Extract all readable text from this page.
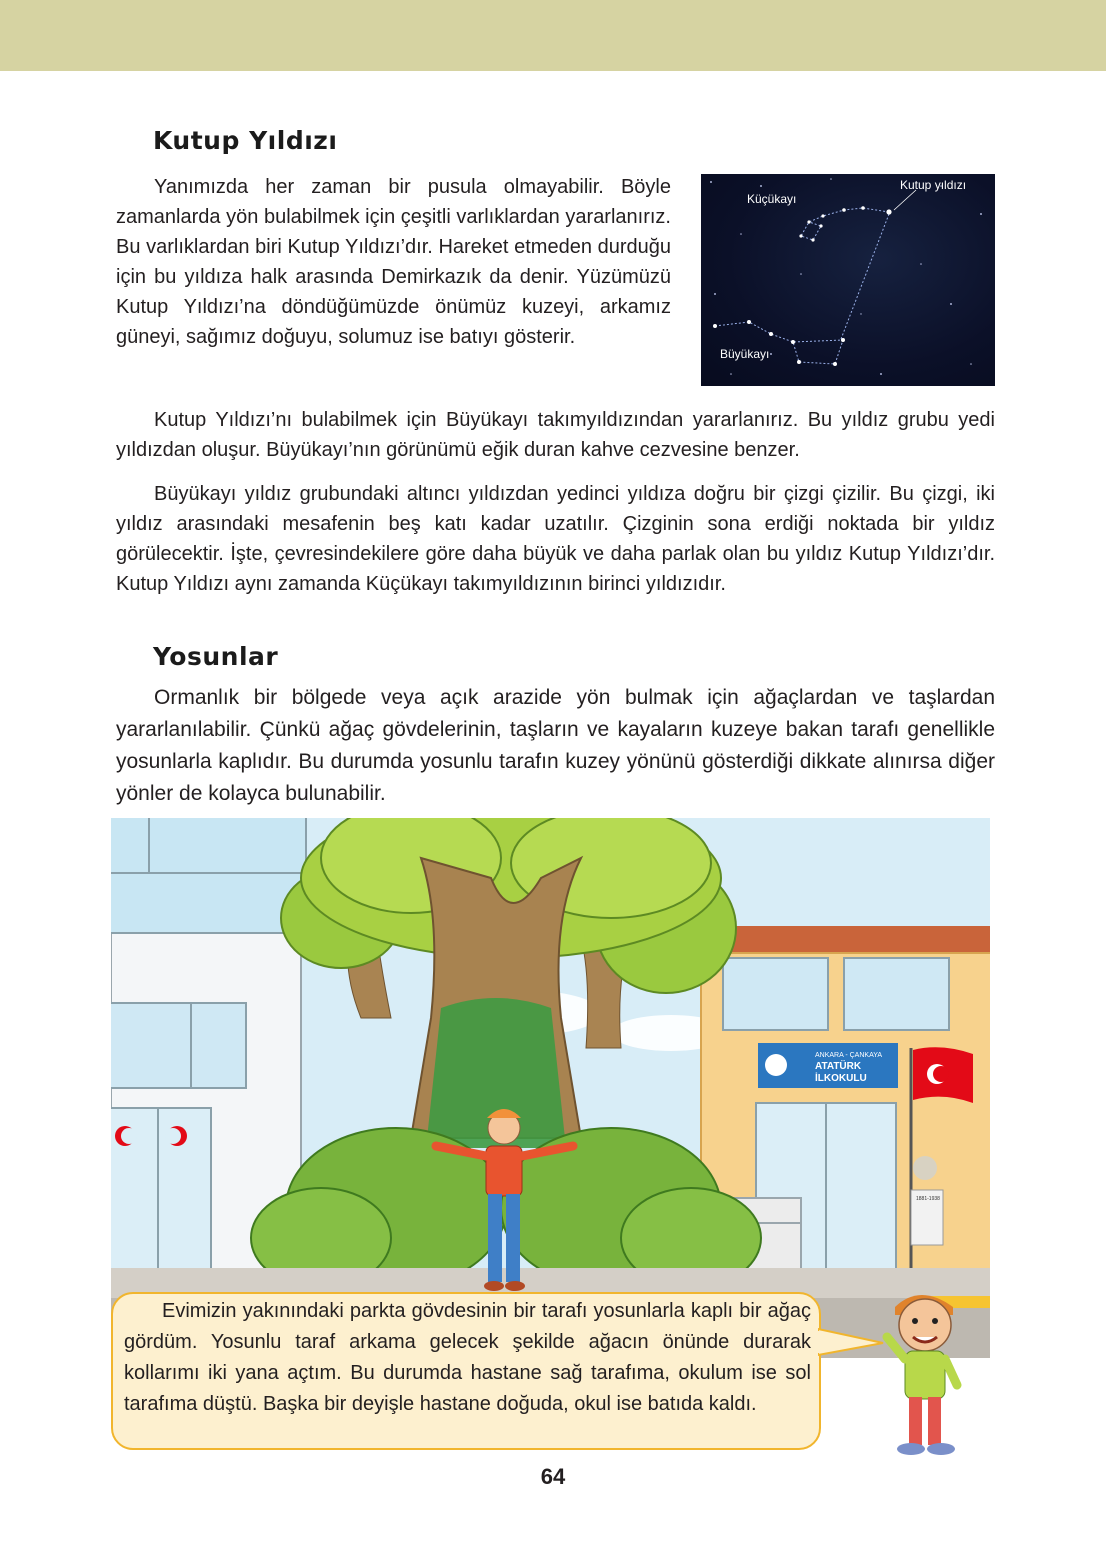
Kutup Yıldızı

Yanımızda her zaman bir pusula olmayabilir. Böyle zamanlarda yön bulabilmek için çeşitli varlıklardan yararlanırız. Bu varlıklardan biri Kutup Yıldızı’dır. Hareket etmeden durduğu için bu yıldıza halk arasında Demirkazık da denir. Yüzümüzü Kutup Yıldızı’na döndüğümüzde önümüz kuzeyi, arkamız güneyi, sağımız doğuyu, solumuz ise batıyı gösterir.

Kutup yıldızı
Küçükayı
Büyükayı

Kutup Yıldızı’nı bulabilmek için Büyükayı takımyıldızından yararlanırız. Bu yıldız grubu yedi yıldızdan oluşur. Büyükayı’nın görünümü eğik duran kahve cezvesine benzer.

Büyükayı yıldız grubundaki altıncı yıldızdan yedinci yıldıza doğru bir çizgi çizilir. Bu çizgi, iki yıldız arasındaki mesafenin beş katı kadar uzatılır. Çizginin sona erdiği noktada bir yıldız görülecektir. İşte, çevresindekilere göre daha büyük ve daha parlak olan bu yıldız Kutup Yıldızı’dır. Kutup Yıldızı aynı zamanda Küçükayı takımyıldızının birinci yıldızıdır.

Yosunlar

Ormanlık bir bölgede veya açık arazide yön bulmak için ağaçlardan ve taşlardan yararlanılabilir. Çünkü ağaç gövdelerinin, taşların ve kayaların kuzeye bakan tarafı genellikle yosunlarla kaplıdır. Bu durumda yosunlu tarafın kuzey yönünü gösterdiği dikkate alınırsa diğer yönler de kolayca bulunabilir.

ANKARA - ÇANKAYA
ATATÜRK
İLKOKULU
1881-1938

Evimizin yakınındaki parkta gövdesinin bir tarafı yosunlarla kaplı bir ağaç gördüm. Yosunlu taraf arkama gelecek şekilde ağacın önünde durarak kollarımı iki yana açtım. Bu durumda hastane sağ tarafıma, okulum ise sol tarafıma düştü. Başka bir deyişle hastane doğuda, okul ise batıda kaldı.

64
